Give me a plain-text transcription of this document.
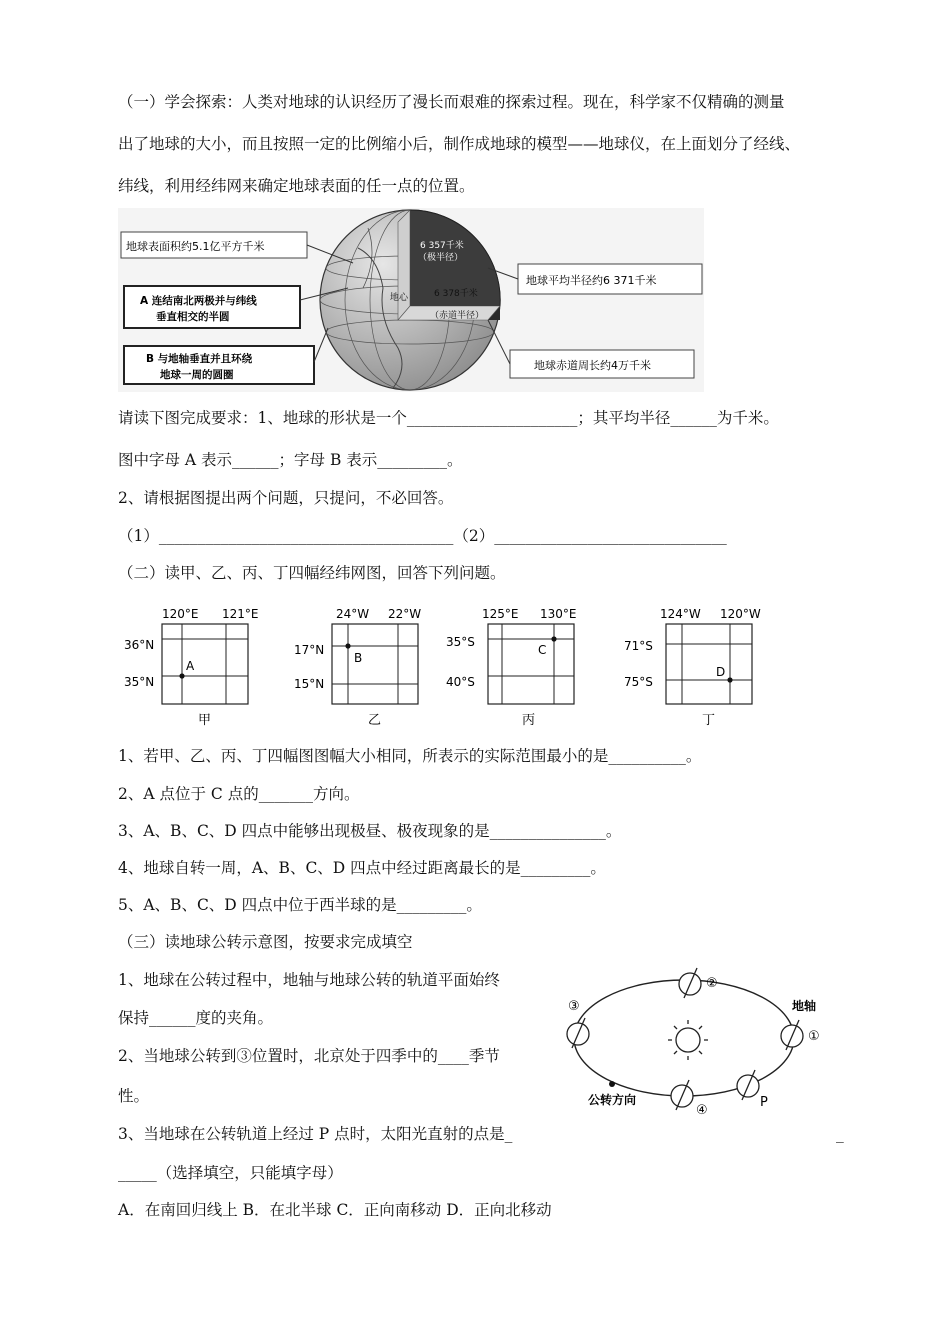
（一）学会探索：人类对地球的认识经历了漫长而艰难的探索过程。现在，科学家不仅精确的测量
出了地球的大小，而且按照一定的比例缩小后，制作成地球的模型——地球仪，在上面划分了经线、
纬线，利用经纬网来确定地球表面的任一点的位置。
6 357千米
（极半径）
地心	6 378千米
（赤道半径）
地球表面积约5.1亿平方千米
A 连结南北两极并与纬线
垂直相交的半圆
B 与地轴垂直并且环绕
地球一周的圆圈
地球平均半径约6 371千米
地球赤道周长约4万千米
请读下图完成要求：1、地球的形状是一个______________________；其平均半径______为千米。
图中字母 A 表示______；字母 B 表示_________。
2、请根据图提出两个问题，只提问，不必回答。
（1）______________________________________（2）______________________________
（二）读甲、乙、丙、丁四幅经纬网图，回答下列问题。
120°E 121°E
A
36°N
35°N
甲
24°W 22°W
B
17°N
15°N
乙
125°E 130°E
C
35°S
40°S
丙
124°W 120°W
D
71°S
75°S
丁
1、若甲、乙、丙、丁四幅图图幅大小相同，所表示的实际范围最小的是__________。
2、A 点位于 C 点的_______方向。
3、A、B、C、D 四点中能够出现极昼、极夜现象的是_______________。
4、地球自转一周，A、B、C、D 四点中经过距离最长的是_________。
5、A、B、C、D 四点中位于西半球的是_________。
（三）读地球公转示意图，按要求完成填空
1、地球在公转过程中，地轴与地球公转的轨道平面始终
保持______度的夹角。
2、当地球公转到③位置时，北京处于四季中的____季节
性。
3、当地球在公转轨道上经过 P 点时，太阳光直射的点是_	_
_____（选择填空，只能填字母）
A．在南回归线上 B．在北半球 C．正向南移动 D．正向北移动
②
③
①
④
P
地轴
公转方向
